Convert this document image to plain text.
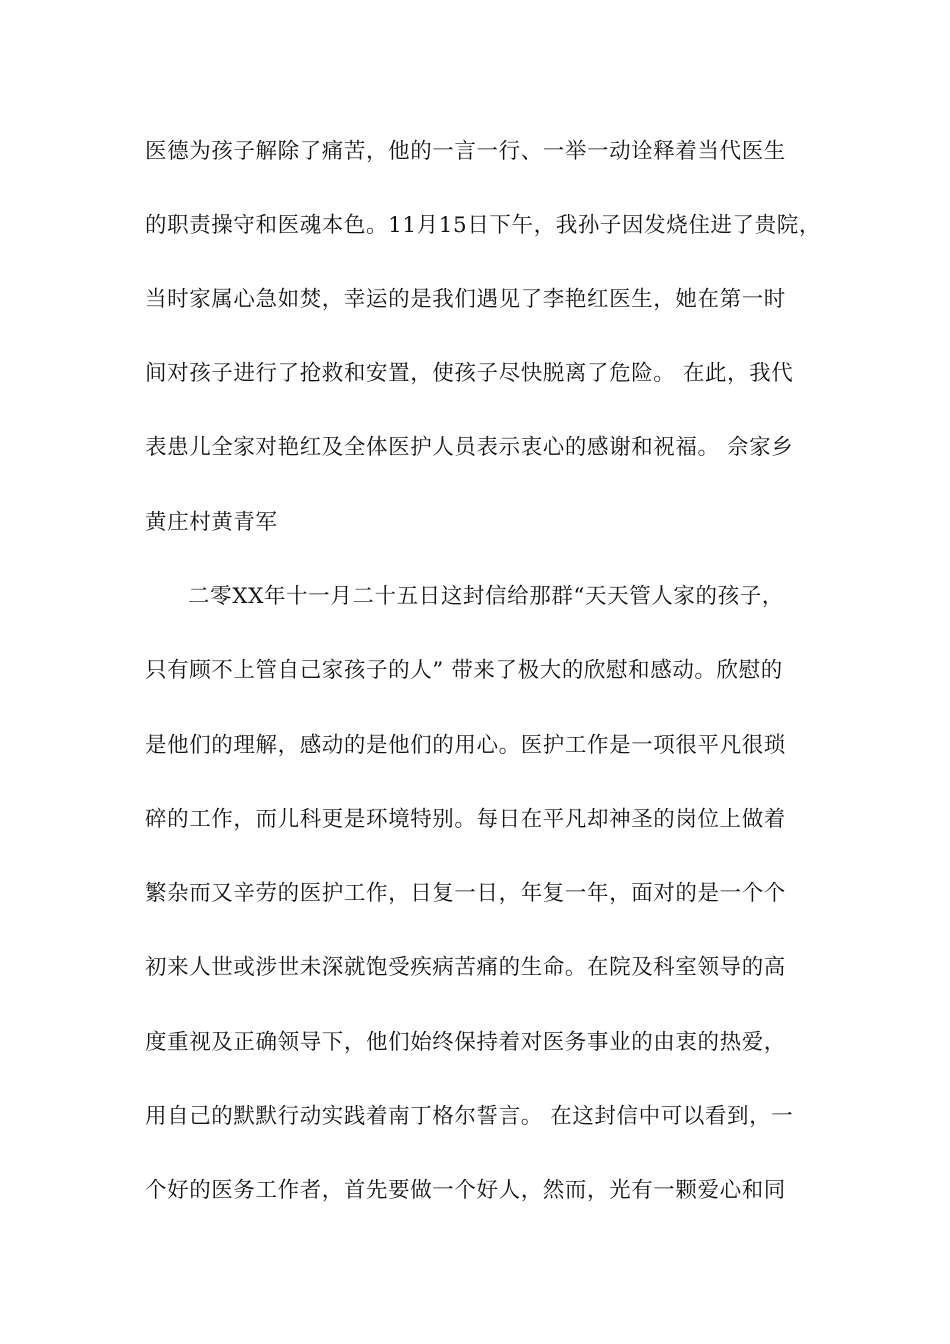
医德为孩子解除了痛苦，他的一言一行、一举一动诠释着当代医生
的职责操守和医魂本色。11月15日下午，我孙子因发烧住进了贵院，
当时家属心急如焚，幸运的是我们遇见了李艳红医生，她在第一时
间对孩子进行了抢救和安置，使孩子尽快脱离了危险。 在此，我代
表患儿全家对艳红及全体医护人员表示衷心的感谢和祝福。 佘家乡
黄庄村黄青军
二零XX年十一月二十五日这封信给那群“天天管人家的孩子，
只有顾不上管自己家孩子的人” 带来了极大的欣慰和感动。欣慰的
是他们的理解，感动的是他们的用心。医护工作是一项很平凡很琐
碎的工作，而儿科更是环境特别。每日在平凡却神圣的岗位上做着
繁杂而又辛劳的医护工作，日复一日，年复一年，面对的是一个个
初来人世或涉世未深就饱受疾病苦痛的生命。在院及科室领导的高
度重视及正确领导下，他们始终保持着对医务事业的由衷的热爱，
用自己的默默行动实践着南丁格尔誓言。 在这封信中可以看到，一
个好的医务工作者，首先要做一个好人，然而，光有一颗爱心和同
